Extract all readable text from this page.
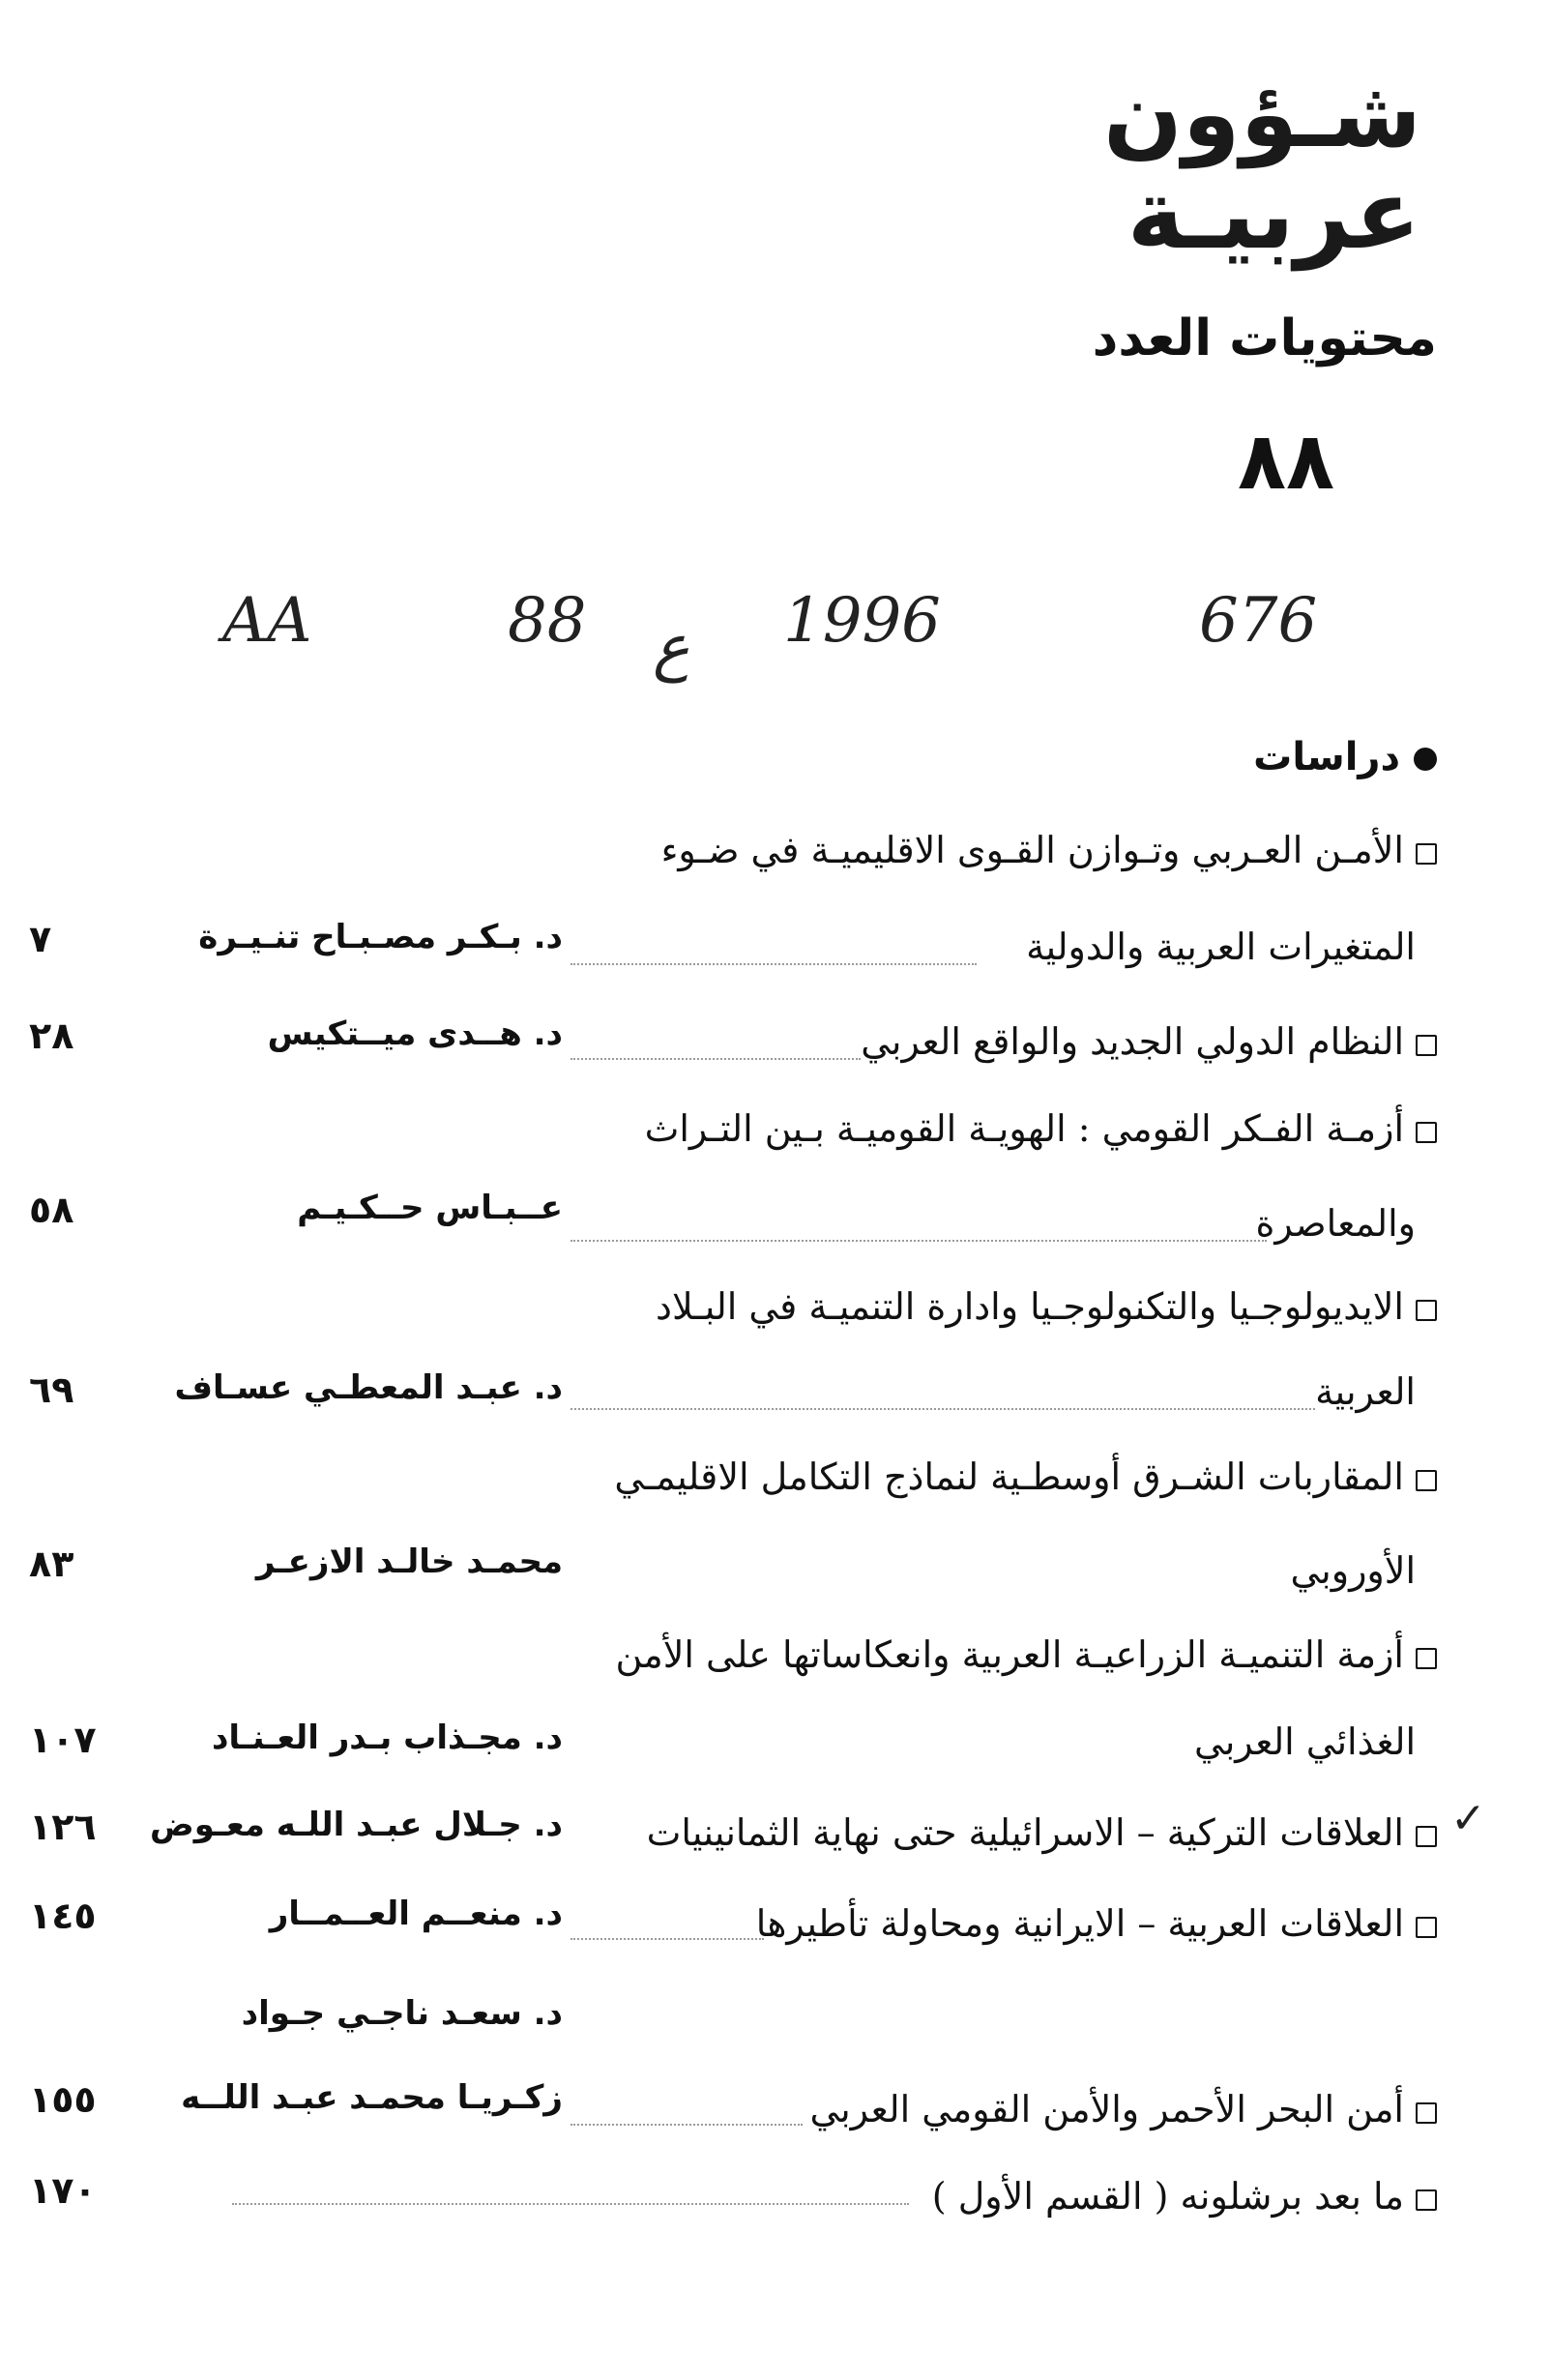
شـؤون
عربيـة
محتويات العدد
٨٨
676
1996
ع
88
AA
دراسات
الأمـن العـربي وتـوازن القـوى الاقليميـة في ضـوء
المتغيرات العربية والدولية
د. بـكـر مصـبـاح تنـيـرة
٧
النظام الدولي الجديد والواقع العربي
د. هــدى ميــتكيس
٢٨
أزمـة الفـكر القومي : الهويـة القوميـة بـين التـراث
والمعاصرة
عــبـاس حــكـيـم
٥٨
الايديولوجـيا والتكنولوجـيا وادارة التنميـة في البـلاد
العربية
د. عبـد المعطـي عسـاف
٦٩
المقاربات الشـرق أوسطـية لنماذج التكامل الاقليمـي
الأوروبي
محمـد خالـد الازعـر
٨٣
أزمة التنميـة الزراعيـة العربية وانعكاساتها على الأمن
الغذائي العربي
د. مجـذاب بـدر العـنـاد
١٠٧
✓
العلاقات التركية – الاسرائيلية حتى نهاية الثمانينيات
د. جـلال عبـد اللـه معـوض
١٢٦
العلاقات العربية – الايرانية ومحاولة تأطيرها
د. منعــم العــمــار
د. سعـد ناجـي جـواد
١٤٥
أمن البحر الأحمر والأمن القومي العربي
زكـريـا محمـد عبـد اللــه
١٥٥
ما بعد برشلونه ( القسم الأول )
١٧٠
